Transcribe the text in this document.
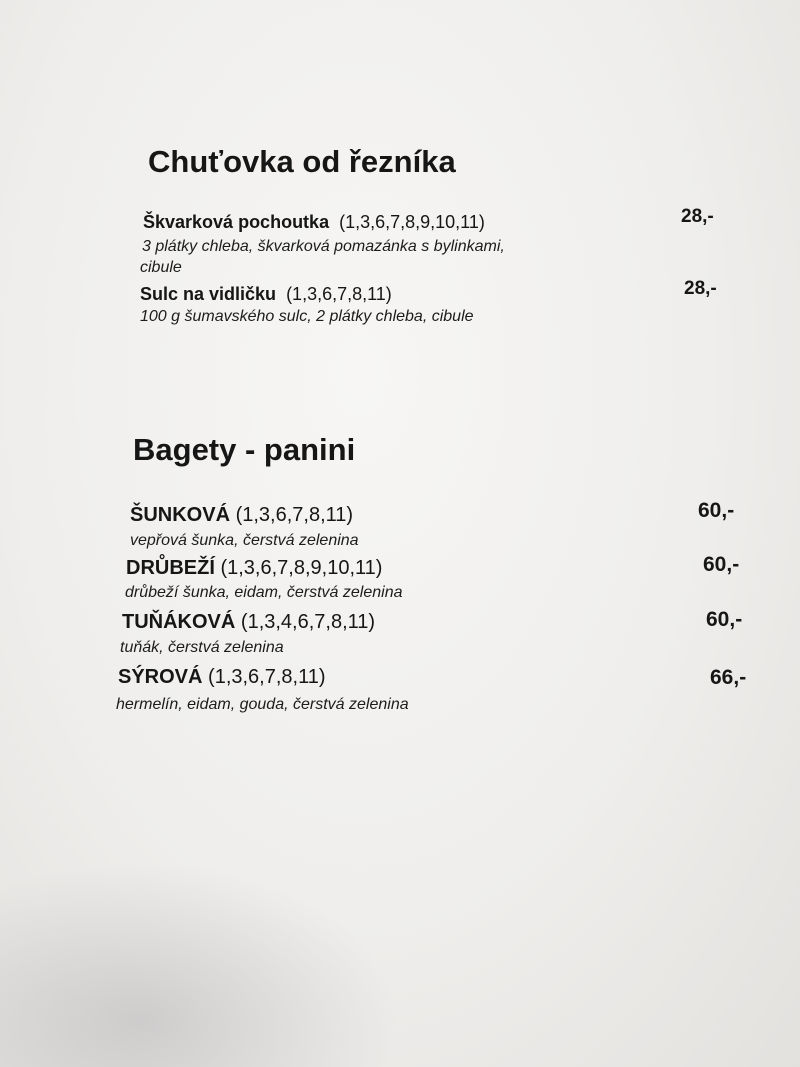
Chuťovka od řezníka
Škvarková pochoutka (1,3,6,7,8,9,10,11)	28,-
3 plátky chleba, škvarková pomazánka s bylinkami,
cibule
Sulc na vidličku (1,3,6,7,8,11)	28,-
100 g šumavského sulc, 2 plátky chleba, cibule
Bagety - panini
ŠUNKOVÁ (1,3,6,7,8,11)	60,-
vepřová šunka, čerstvá zelenina
DRŮBEŽÍ (1,3,6,7,8,9,10,11)	60,-
drůbeží šunka, eidam, čerstvá zelenina
TUŇÁKOVÁ (1,3,4,6,7,8,11)	60,-
tuňák, čerstvá zelenina
SÝROVÁ (1,3,6,7,8,11)	66,-
hermelín, eidam, gouda, čerstvá zelenina
